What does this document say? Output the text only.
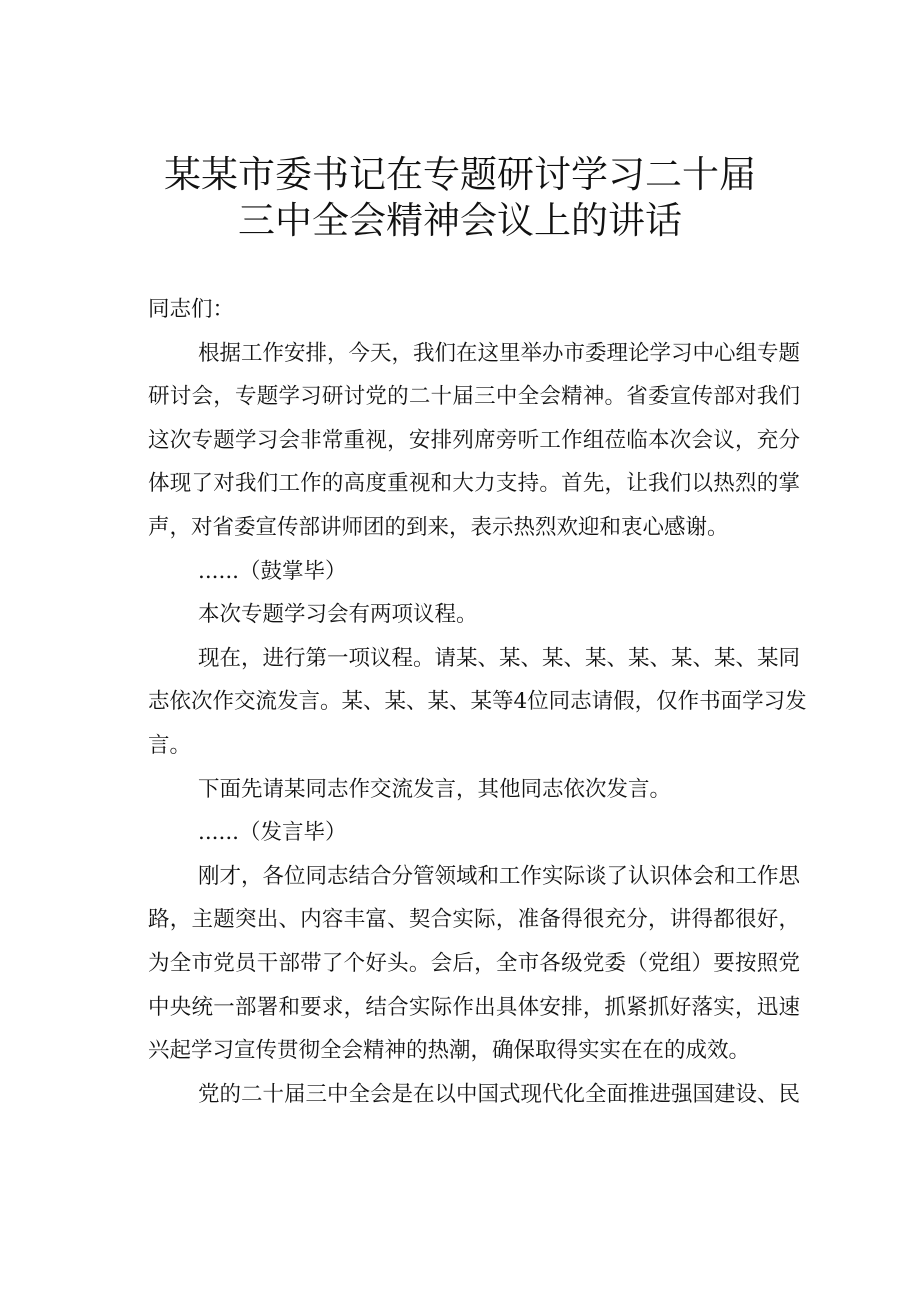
某某市委书记在专题研讨学习二十届
三中全会精神会议上的讲话
同志们：
根据工作安排，今天，我们在这里举办市委理论学习中心组专题
研讨会，专题学习研讨党的二十届三中全会精神。省委宣传部对我们
这次专题学习会非常重视，安排列席旁听工作组莅临本次会议，充分
体现了对我们工作的高度重视和大力支持。首先，让我们以热烈的掌
声，对省委宣传部讲师团的到来，表示热烈欢迎和衷心感谢。
......（鼓掌毕）
本次专题学习会有两项议程。
现在，进行第一项议程。请某、某、某、某、某、某、某、某同
志依次作交流发言。某、某、某、某等4位同志请假，仅作书面学习发
言。
下面先请某同志作交流发言，其他同志依次发言。
......（发言毕）
刚才，各位同志结合分管领域和工作实际谈了认识体会和工作思
路，主题突出、内容丰富、契合实际，准备得很充分，讲得都很好，
为全市党员干部带了个好头。会后，全市各级党委（党组）要按照党
中央统一部署和要求，结合实际作出具体安排，抓紧抓好落实，迅速
兴起学习宣传贯彻全会精神的热潮，确保取得实实在在的成效。
党的二十届三中全会是在以中国式现代化全面推进强国建设、民
